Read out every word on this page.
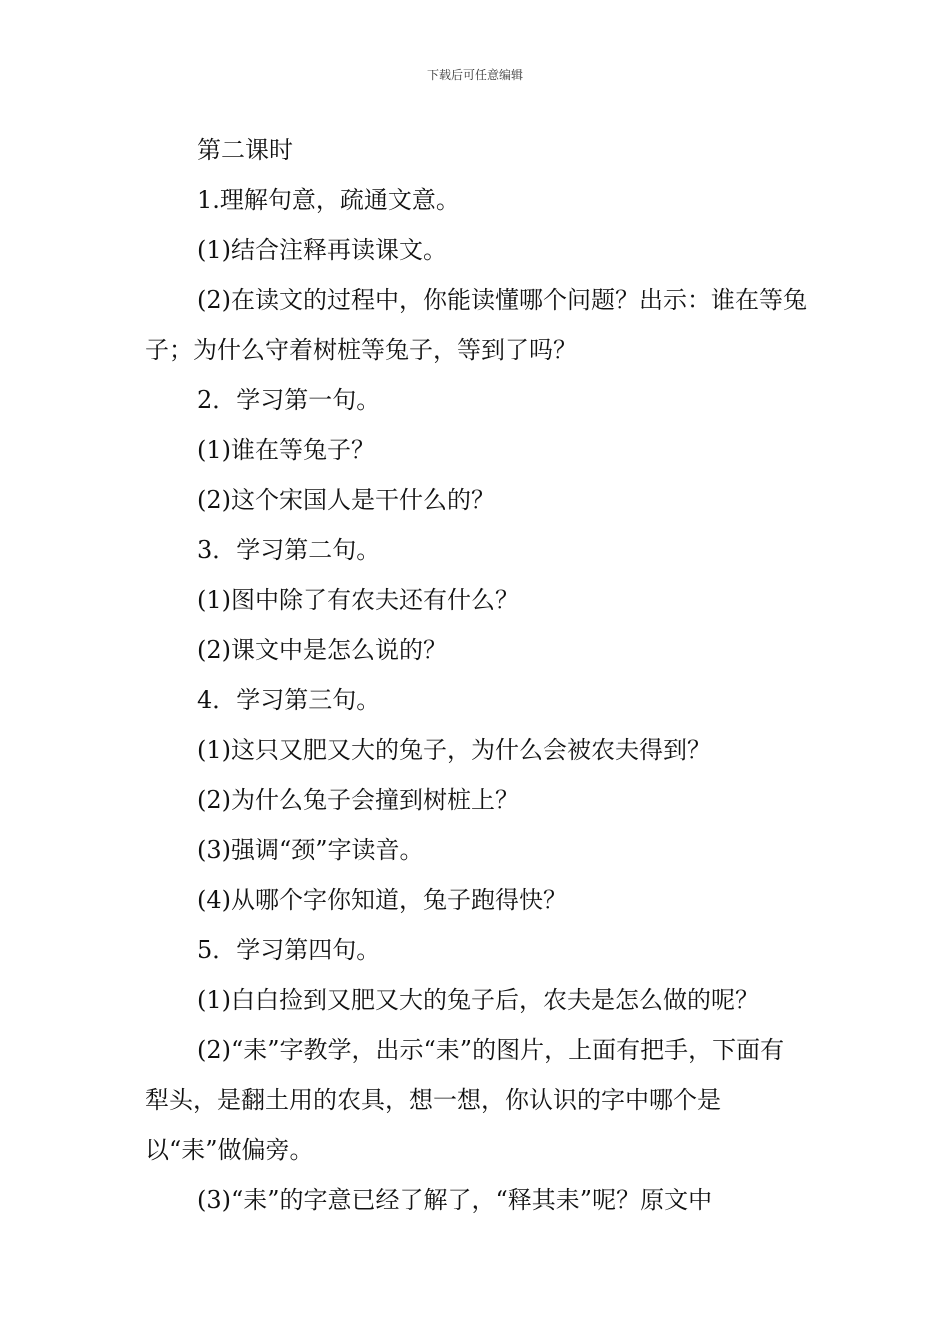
下载后可任意编辑

第二课时

1.理解句意，疏通文意。

(1)结合注释再读课文。

(2)在读文的过程中，你能读懂哪个问题？出示：谁在等兔子；为什么守着树桩等兔子，等到了吗？

2．学习第一句。

(1)谁在等兔子？

(2)这个宋国人是干什么的？

3．学习第二句。

(1)图中除了有农夫还有什么？

(2)课文中是怎么说的？

4．学习第三句。

(1)这只又肥又大的兔子，为什么会被农夫得到？

(2)为什么兔子会撞到树桩上？

(3)强调“颈”字读音。

(4)从哪个字你知道，兔子跑得快？

5．学习第四句。

(1)白白捡到又肥又大的兔子后，农夫是怎么做的呢？

(2)“耒”字教学，出示“耒”的图片，上面有把手，下面有犁头，是翻土用的农具，想一想，你认识的字中哪个是以“耒”做偏旁。

(3)“耒”的字意已经了解了，“释其耒”呢？原文中
